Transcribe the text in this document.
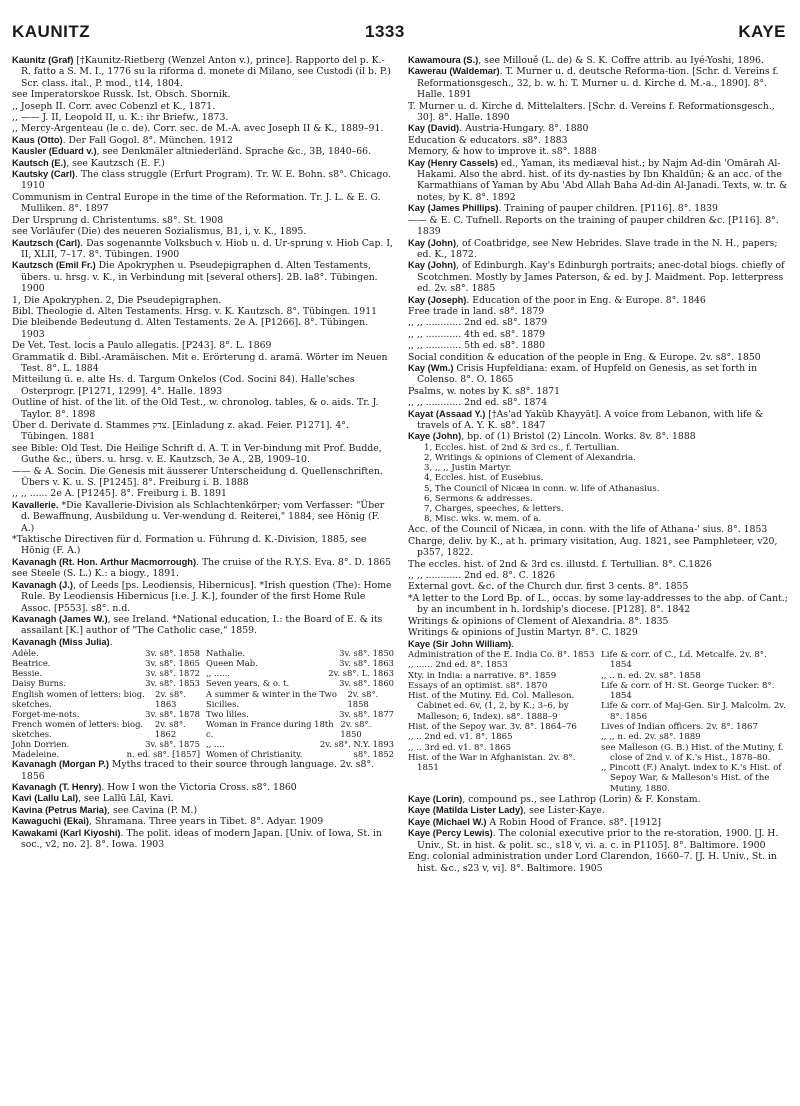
KAUNITZ	1333	KAYE

Kaunitz (Graf) [†Kaunitz-Rietberg (Wenzel Anton v.), prince]. Rapporto del p. K.-R. fatto a S. M. I., 1776 su la riforma d. monete di Milano, see Custodi (il b. P.) Scr. class. ital., P. mod., t14, 1804.

see Imperatorskoe Russk. Ist. Obsch. Sbornik.

,, Joseph II. Corr. avec Cobenzl et K., 1871.

,, —— J. II, Leopold II, u. K.: ihr Briefw., 1873.

,, Mercy-Argenteau (le c. de). Corr. sec. de M.-A. avec Joseph II & K., 1889–91.

Kaus (Otto). Der Fall Gogol. 8°. München. 1912

Kausler (Eduard v.), see Denkmäler altniederländ. Sprache &c., 3B, 1840–66.

Kautsch (E.), see Kautzsch (E. F.)

Kautsky (Carl). The class struggle (Erfurt Program). Tr. W. E. Bohn. s8°. Chicago. 1910

Communism in Central Europe in the time of the Reformation. Tr. J. L. & E. G. Mulliken. 8°. 1897

Der Ursprung d. Christentums. s8°. St. 1908

see Vorläufer (Die) des neueren Sozialismus, B1, i, v. K., 1895.

Kautzsch (Carl). Das sogenannte Volksbuch v. Hiob u. d. Ur-sprung v. Hiob Cap. I, II, XLII, 7–17. 8°. Tübingen. 1900

Kautzsch (Emil Fr.) Die Apokryphen u. Pseudepigraphen d. Alten Testaments, übers. u. hrsg. v. K., in Verbindung mit [several others]. 2B. la8°. Tübingen. 1900

1, Die Apokryphen. 2, Die Pseudepigraphen.

Bibl. Theologie d. Alten Testaments. Hrsg. v. K. Kautzsch. 8°. Tübingen. 1911

Die bleibende Bedeutung d. Alten Testaments. 2e A. [P1266]. 8°. Tübingen. 1903

De Vet. Test. locis a Paulo allegatis. [P243]. 8°. L. 1869

Grammatik d. Bibl.-Aramäischen. Mit e. Erörterung d. aramä. Wörter im Neuen Test. 8°. L. 1884

Mitteilung ü. e. alte Hs. d. Targum Onkelos (Cod. Socini 84). Halle'sches Osterprogr. [P1271, 1299]. 4°. Halle. 1893

Outline of hist. of the lit. of the Old Test., w. chronolog. tables, & o. aids. Tr. J. Taylor. 8°. 1898

Über d. Derivate d. Stammes צדק. [Einladung z. akad. Feier. P1271]. 4°. Tübingen. 1881

see Bible: Old Test. Die Heilige Schrift d. A. T. in Ver-bindung mit Prof. Budde, Guthe &c., übers. u. hrsg. v. E. Kautzsch, 3e A., 2B, 1909–10.

—— & A. Socin. Die Genesis mit äusserer Unterscheidung d. Quellenschriften. Übers v. K. u. S. [P1245]. 8°. Freiburg i. B. 1888

,, ,, ...... 2e A. [P1245]. 8°. Freiburg i. B. 1891

Kavallerie. *Die Kavallerie-Division als Schlachtenkörper; vom Verfasser: "Über d. Bewaffnung, Ausbildung u. Ver-wendung d. Reiterei," 1884, see Hönig (F. A.)

*Taktische Directiven für d. Formation u. Führung d. K.-Division, 1885, see Hönig (F. A.)

Kavanagh (Rt. Hon. Arthur Macmorrough). The cruise of the R.Y.S. Eva. 8°. D. 1865

see Steele (S. L.) K.: a biogy., 1891.

Kavanagh (J.), of Leeds [ps. Leodiensis, Hibernicus]. *Irish question (The): Home Rule. By Leodiensis Hibernicus [i.e. J. K.], founder of the first Home Rule Assoc. [P553]. s8°. n.d.

Kavanagh (James W.), see Ireland. *National education, I.: the Board of E. & its assailant [K.] author of "The Catholic case," 1859.

Kavanagh (Miss Julia).

Adèle.	3v. s8°. 1858
Beatrice.	3v. s8°. 1865
Bessie.	3v. s8°. 1872
Daisy Burns.	3v. s8°. 1853
English women of letters: biog. sketches.
2v. s8°. 1863
Forget-me-nots.	3v. s8°. 1878
French women of letters: biog. sketches.
2v. s8°. 1862
John Dorrien.	3v. s8°. 1875
Madeleine.	n. ed. s8°. [1857]
Nathalie.	3v. s8°. 1850
Queen Mab.	3v. s8°. 1863
,, ......	2v. s8°. L. 1863
Seven years, & o. t.	3v. s8°. 1860
A summer & winter in the Two Sicilies.
2v. s8°. 1858
Two lilies.	3v. s8°. 1877
Woman in France during 18th c.
2v. s8°. 1850
,, ....	2v. s8°. N.Y. 1893
Women of Christianity.	s8°. 1852

Kavanagh (Morgan P.) Myths traced to their source through language. 2v. s8°. 1856

Kavanagh (T. Henry). How I won the Victoria Cross. s8°. 1860

Kavi (Lallu Lal), see Lallū Lāl, Kavi.

Kavina (Petrus Maria), see Cavina (P. M.)

Kawaguchi (Ekai), Shramana. Three years in Tibet. 8°. Adyar. 1909

Kawakami (Karl Kiyoshi). The polit. ideas of modern Japan. [Univ. of Iowa, St. in soc., v2, no. 2]. 8°. Iowa. 1903

Kawamoura (S.), see Millouě (L. de) & S. K. Coffre attrib. au Iyé-Yoshi, 1896.

Kawerau (Waldemar). T. Murner u. d. deutsche Reforma-tion. [Schr. d. Vereins f. Reformationsgesch., 32, b. w. h. T. Murner u. d. Kirche d. M.-a., 1890]. 8°. Halle. 1891

T. Murner u. d. Kirche d. Mittelalters. [Schr. d. Vereins f. Reformationsgesch., 30]. 8°. Halle. 1890

Kay (David). Austria-Hungary. 8°. 1880

Education & educators. s8°. 1883

Memory, & how to improve it. s8°. 1888

Kay (Henry Cassels) ed., Yaman, its mediæval hist.; by Najm Ad-din 'Omārah Al-Hakami. Also the abrd. hist. of its dy-nasties by Ibn Khaldūn; & an acc. of the Karmathians of Yaman by Abu 'Abd Allah Baha Ad-din Al-Janadi. Texts, w. tr. & notes, by K. 8°. 1892

Kay (James Phillips). Training of pauper children. [P116]. 8°. 1839

—— & E. C. Tufnell. Reports on the training of pauper children &c. [P116]. 8°. 1839

Kay (John), of Coatbridge, see New Hebrides. Slave trade in the N. H., papers; ed. K., 1872.

Kay (John), of Edinburgh. Kay's Edinburgh portraits; anec-dotal biogs. chiefly of Scotchmen. Mostly by James Paterson, & ed. by J. Maidment. Pop. letterpress ed. 2v. s8°. 1885

Kay (Joseph). Education of the poor in Eng. & Europe. 8°. 1846

Free trade in land. s8°. 1879

,, ,, ............ 2nd ed. s8°. 1879

,, ,, ............ 4th ed. s8°. 1879

,, ,, ............ 5th ed. s8°. 1880

Social condition & education of the people in Eng. & Europe. 2v. s8°. 1850

Kay (Wm.) Crisis Hupfeldiana: exam. of Hupfeld on Genesis, as set forth in Colenso. 8°. O. 1865

Psalms, w. notes by K. s8°. 1871

,, ,, ............ 2nd ed. s8°. 1874

Kayat (Assaad Y.) [†As'ad Yakūb Khayyāt]. A voice from Lebanon, with life & travels of A. Y. K. s8°. 1847

Kaye (John), bp. of (1) Bristol (2) Lincoln. Works. 8v. 8°. 1888

1, Eccles. hist. of 2nd & 3rd cs., f. Tertullian.

2, Writings & opinions of Clement of Alexandria.

3, ,, ,, Justin Martyr.

4, Eccles. hist. of Eusebius.

5, The Council of Nicæa in conn. w. life of Athanasius.

6, Sermons & addresses.

7, Charges, speeches, & letters.

8, Misc. wks. w. mem. of a.

Acc. of the Council of Nicæa, in conn. with the life of Athana-' sius. 8°. 1853

Charge, deliv. by K., at h. primary visitation, Aug. 1821, see Pamphleteer, v20, p357, 1822.

The eccles. hist. of 2nd & 3rd cs. illustd. f. Tertullian. 8°. C.1826

,, ,, ............ 2nd ed. 8°. C. 1826

External govt. &c. of the Church dur. first 3 cents. 8°. 1855

*A letter to the Lord Bp. of L., occas. by some lay-addresses to the abp. of Cant.; by an incumbent in h. lordship's diocese. [P128]. 8°. 1842

Writings & opinions of Clement of Alexandria. 8°. 1835

Writings & opinions of Justin Martyr. 8°. C. 1829

Kaye (Sir John William).

Administration of the E. India Co. 8°. 1853

,, ...... 2nd ed. 8°. 1853

Xty. in India: a narrative. 8°. 1859

Essays of an optimist. s8°. 1870

Hist. of the Mutiny. Ed. Col. Malleson. Cabinet ed. 6v, (1, 2, by K.; 3–6, by Malleson; 6, Index). s8°. 1888–9

Hist. of the Sepoy war. 3v. 8°. 1864–76

,, .. 2nd ed. v1. 8°. 1865

,, .. 3rd ed. v1. 8°. 1865

Hist. of the War in Afghanistan. 2v. 8°. 1851

Life & corr. of C., Ld. Metcalfe. 2v. 8°. 1854

,, .. n. ed. 2v. s8°. 1858

Life & corr. of H. St. George Tucker. 8°. 1854

Life & corr. of Maj-Gen. Sir J. Malcolm. 2v. 8°. 1856

Lives of Indian officers. 2v. 8°. 1867

,, ,, n. ed. 2v. s8°. 1889

see Malleson (G. B.) Hist. of the Mutiny, f. close of 2nd v. of K.'s Hist., 1878–80.

,, Pincott (F.) Analyt. index to K.'s Hist. of Sepoy War, & Malleson's Hist. of the Mutiny, 1880.

Kaye (Lorin), compound ps., see Lathrop (Lorin) & F. Konstam.

Kaye (Matilda Lister Lady), see Lister-Kaye.

Kaye (Michael W.) A Robin Hood of France. s8°. [1912]

Kaye (Percy Lewis). The colonial executive prior to the re-storation, 1900. [J. H. Univ., St. in hist. & polit. sc., s18 v, vi. a. c. in P1105]. 8°. Baltimore. 1900

Eng. colonial administration under Lord Clarendon, 1660–7. [J. H. Univ., St. in hist. &c., s23 v, vi]. 8°. Baltimore. 1905
